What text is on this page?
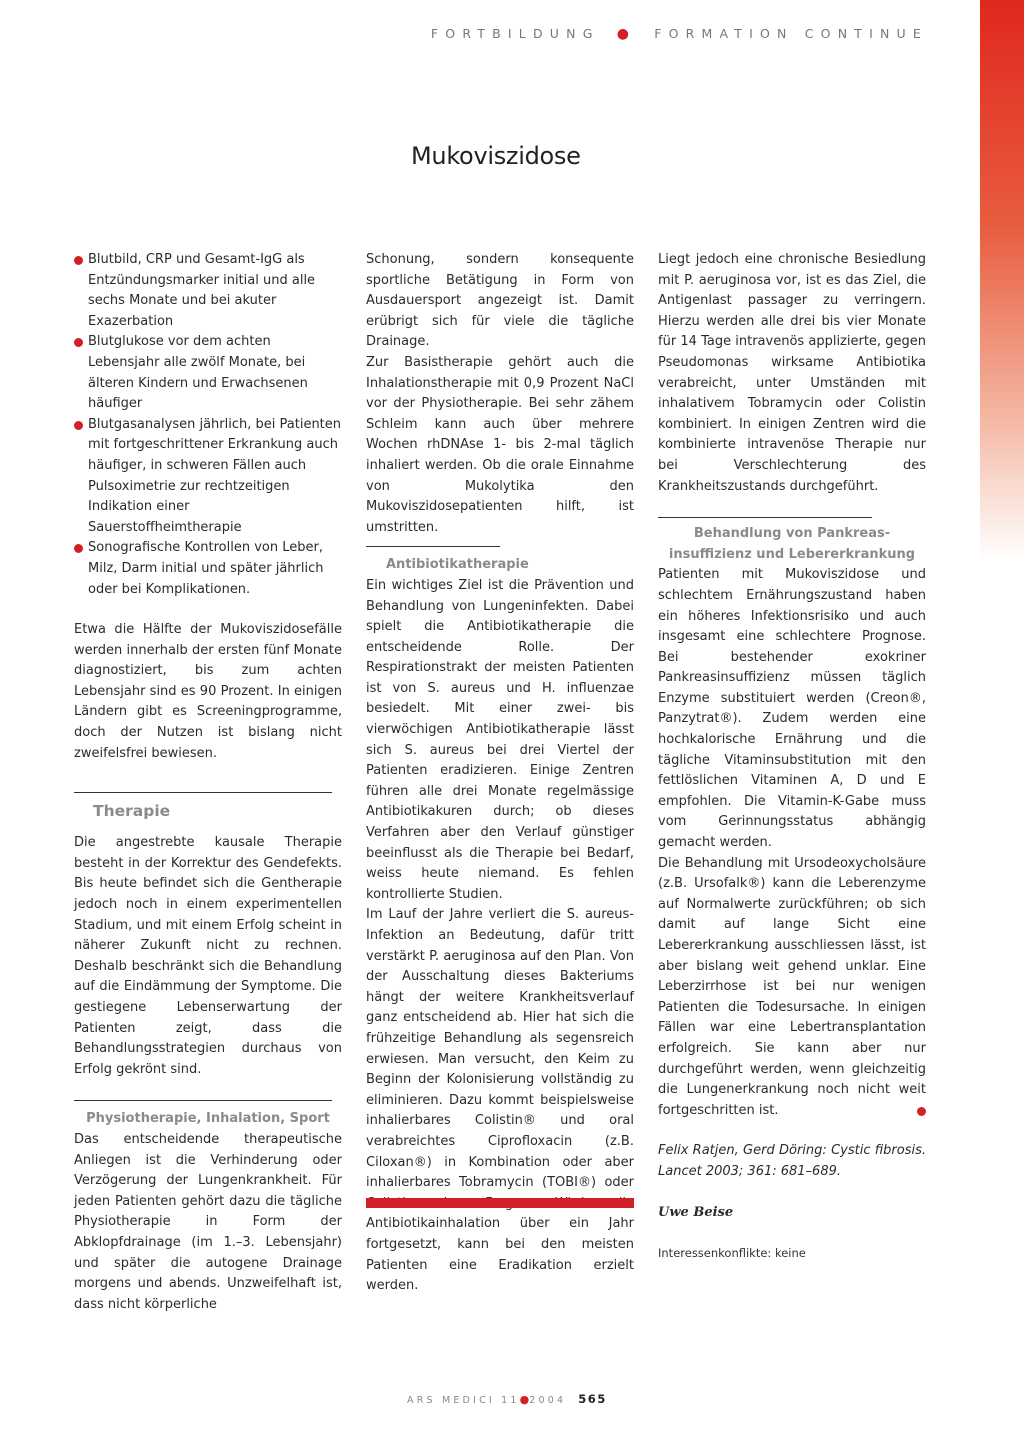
FORTBILDUNG ● FORMATION CONTINUE
Mukoviszidose
Blutbild, CRP und Gesamt-IgG als Entzündungsmarker initial und alle sechs Monate und bei akuter Exazerbation
Blutglukose vor dem achten Lebensjahr alle zwölf Monate, bei älteren Kindern und Erwachsenen häufiger
Blutgasanalysen jährlich, bei Patienten mit fortgeschrittener Erkrankung auch häufiger, in schweren Fällen auch Pulsoximetrie zur rechtzeitigen Indikation einer Sauerstoffheimtherapie
Sonografische Kontrollen von Leber, Milz, Darm initial und später jährlich oder bei Komplikationen.

Etwa die Hälfte der Mukoviszidosefälle werden innerhalb der ersten fünf Monate diagnostiziert, bis zum achten Lebensjahr sind es 90 Prozent. In einigen Ländern gibt es Screeningprogramme, doch der Nutzen ist bislang nicht zweifelsfrei bewiesen.

Therapie

Die angestrebte kausale Therapie besteht in der Korrektur des Gendefekts. Bis heute befindet sich die Gentherapie jedoch noch in einem experimentellen Stadium, und mit einem Erfolg scheint in näherer Zukunft nicht zu rechnen. Deshalb beschränkt sich die Behandlung auf die Eindämmung der Symptome. Die gestiegene Lebenserwartung der Patienten zeigt, dass die Behandlungsstrategien durchaus von Erfolg gekrönt sind.

Physiotherapie, Inhalation, Sport

Das entscheidende therapeutische Anliegen ist die Verhinderung oder Verzögerung der Lungenkrankheit. Für jeden Patienten gehört dazu die tägliche Physiotherapie in Form der Abklopfdrainage (im 1.–3. Lebensjahr) und später die autogene Drainage morgens und abends. Unzweifelhaft ist, dass nicht körperliche

Schonung, sondern konsequente sportliche Betätigung in Form von Ausdauersport angezeigt ist. Damit erübrigt sich für viele die tägliche Drainage.

Zur Basistherapie gehört auch die Inhalationstherapie mit 0,9 Prozent NaCl vor der Physiotherapie. Bei sehr zähem Schleim kann auch über mehrere Wochen rhDNAse 1- bis 2-mal täglich inhaliert werden. Ob die orale Einnahme von Mukolytika den Mukoviszidosepatienten hilft, ist umstritten.

Antibiotikatherapie

Ein wichtiges Ziel ist die Prävention und Behandlung von Lungeninfekten. Dabei spielt die Antibiotikatherapie die entscheidende Rolle. Der Respirationstrakt der meisten Patienten ist von S. aureus und H. influenzae besiedelt. Mit einer zwei- bis vierwöchigen Antibiotikatherapie lässt sich S. aureus bei drei Viertel der Patienten eradizieren. Einige Zentren führen alle drei Monate regelmässige Antibiotikakuren durch; ob dieses Verfahren aber den Verlauf günstiger beeinflusst als die Therapie bei Bedarf, weiss heute niemand. Es fehlen kontrollierte Studien.

Im Lauf der Jahre verliert die S. aureus-Infektion an Bedeutung, dafür tritt verstärkt P. aeruginosa auf den Plan. Von der Ausschaltung dieses Bakteriums hängt der weitere Krankheitsverlauf ganz entscheidend ab. Hier hat sich die frühzeitige Behandlung als segensreich erwiesen. Man versucht, den Keim zu Beginn der Kolonisierung vollständig zu eliminieren. Dazu kommt beispielsweise inhalierbares Colistin® und oral verabreichtes Ciprofloxacin (z.B. Ciloxan®) in Kombination oder aber inhalierbares Tobramycin (TOBI®) oder Antibiotikainhalation über ein Jahr fortgesetzt, kann bei den meisten Patienten eine Eradikation erzielt werden.

Liegt jedoch eine chronische Besiedlung mit P. aeruginosa vor, ist es das Ziel, die Antigenlast passager zu verringern. Hierzu werden alle drei bis vier Monate für 14 Tage intravenös applizierte, gegen Pseudomonas wirksame Antibiotika verabreicht, unter Umständen mit inhalativem Tobramycin oder Colistin kombiniert. In einigen Zentren wird die kombinierte intravenöse Therapie nur bei Verschlechterung des Krankheitszustands durchgeführt.

Behandlung von Pankreas-
insuffizienz und Lebererkrankung

Patienten mit Mukoviszidose und schlechtem Ernährungszustand haben ein höheres Infektionsrisiko und auch insgesamt eine schlechtere Prognose. Bei bestehender exokriner Pankreasinsuffizienz müssen täglich Enzyme substituiert werden (Creon®, Panzytrat®). Zudem werden eine hochkalorische Ernährung und die tägliche Vitaminsubstitution mit den fettlöslichen Vitaminen A, D und E empfohlen. Die Vitamin-K-Gabe muss vom Gerinnungsstatus abhängig gemacht werden.

Die Behandlung mit Ursodeoxycholsäure (z.B. Ursofalk®) kann die Leberenzyme auf Normalwerte zurückführen; ob sich damit auf lange Sicht eine Lebererkrankung ausschliessen lässt, ist aber bislang weit gehend unklar. Eine Leberzirrhose ist bei nur wenigen Patienten die Todesursache. In einigen Fällen war eine Lebertransplantation erfolgreich. Sie kann aber nur durchgeführt werden, wenn gleichzeitig die Lungenerkrankung noch nicht weit fortgeschritten ist.

Felix Ratjen, Gerd Döring: Cystic fibrosis. Lancet 2003; 361: 681–689.

Uwe Beise

Interessenkonflikte: keine

ARS MEDICI 11●2004 565
